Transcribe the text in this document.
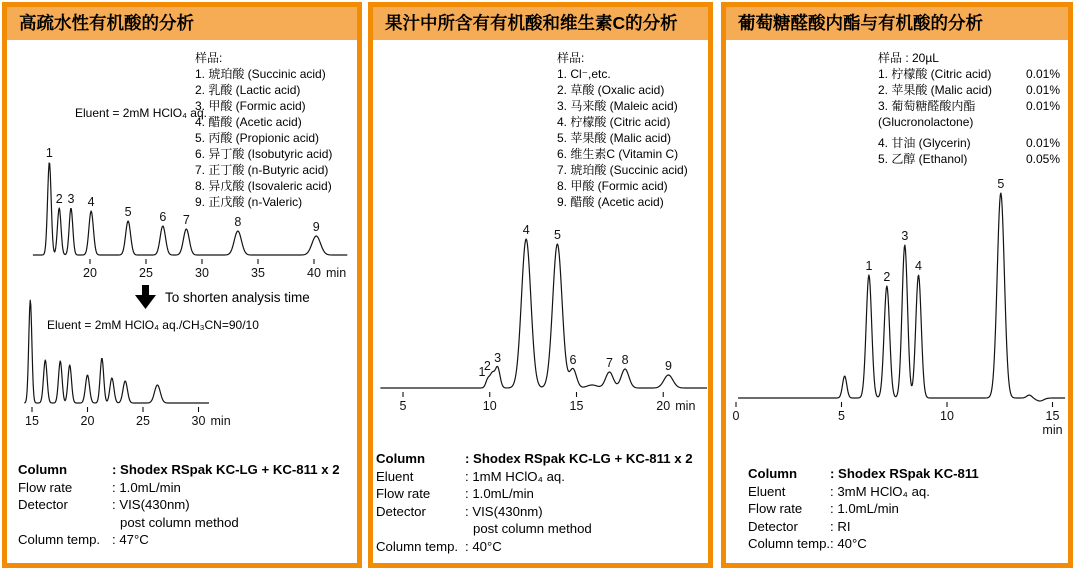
高疏水性有机酸的分析
样品:
1. 琥珀酸 (Succinic acid)
2. 乳酸 (Lactic acid)
3. 甲酸 (Formic acid)
4. 醋酸 (Acetic acid)
5. 丙酸 (Propionic acid)
6. 异丁酸 (Isobutyric acid)
7. 正丁酸 (n-Butyric acid)
8. 异戊酸 (Isovaleric acid)
9. 正戊酸 (n-Valeric)
Eluent = 2mM HClO₄ aq.
20	25	30	35	40 min
1
2 3 4
5 6 7	8	9
To shorten analysis time
Eluent = 2mM HClO₄ aq./CH₃CN=90/10
15	20	25	30 min
Column	: Shodex RSpak KC-LG + KC-811 x 2
Flow rate	: 1.0mL/min
Detector	: VIS(430nm)
post column method
Column temp. : 47°C
果汁中所含有有机酸和维生素C的分析
样品:
1. Cl⁻,etc.
2. 草酸 (Oxalic acid)
3. 马来酸 (Maleic acid)
4. 柠檬酸 (Citric acid)
5. 苹果酸 (Malic acid)
6. 维生素C (Vitamin C)
7. 琥珀酸 (Succinic acid)
8. 甲酸 (Formic acid)
9. 醋酸 (Acetic acid)
5	10	15	20 min
1
2
3
4 5
6 7 8	9
Column	: Shodex RSpak KC-LG + KC-811 x 2
Eluent	: 1mM HClO₄ aq.
Flow rate	: 1.0mL/min
Detector	: VIS(430nm)
post column method
Column temp. : 40°C
葡萄糖醛酸内酯与有机酸的分析
样品 : 20µL
1. 柠檬酸 (Citric acid)	0.01%
2. 苹果酸 (Malic acid)	0.01%
3. 葡萄糖醛酸内酯
(Glucronolactone)
0.01%
4. 甘油 (Glycerin)	0.01%
5. 乙醇 (Ethanol)	0.05%
0	5	10	15
min
1
2
3
4
5
Column	: Shodex RSpak KC-811
Eluent	: 3mM HClO₄ aq.
Flow rate	: 1.0mL/min
Detector	: RI
Column temp. : 40°C
